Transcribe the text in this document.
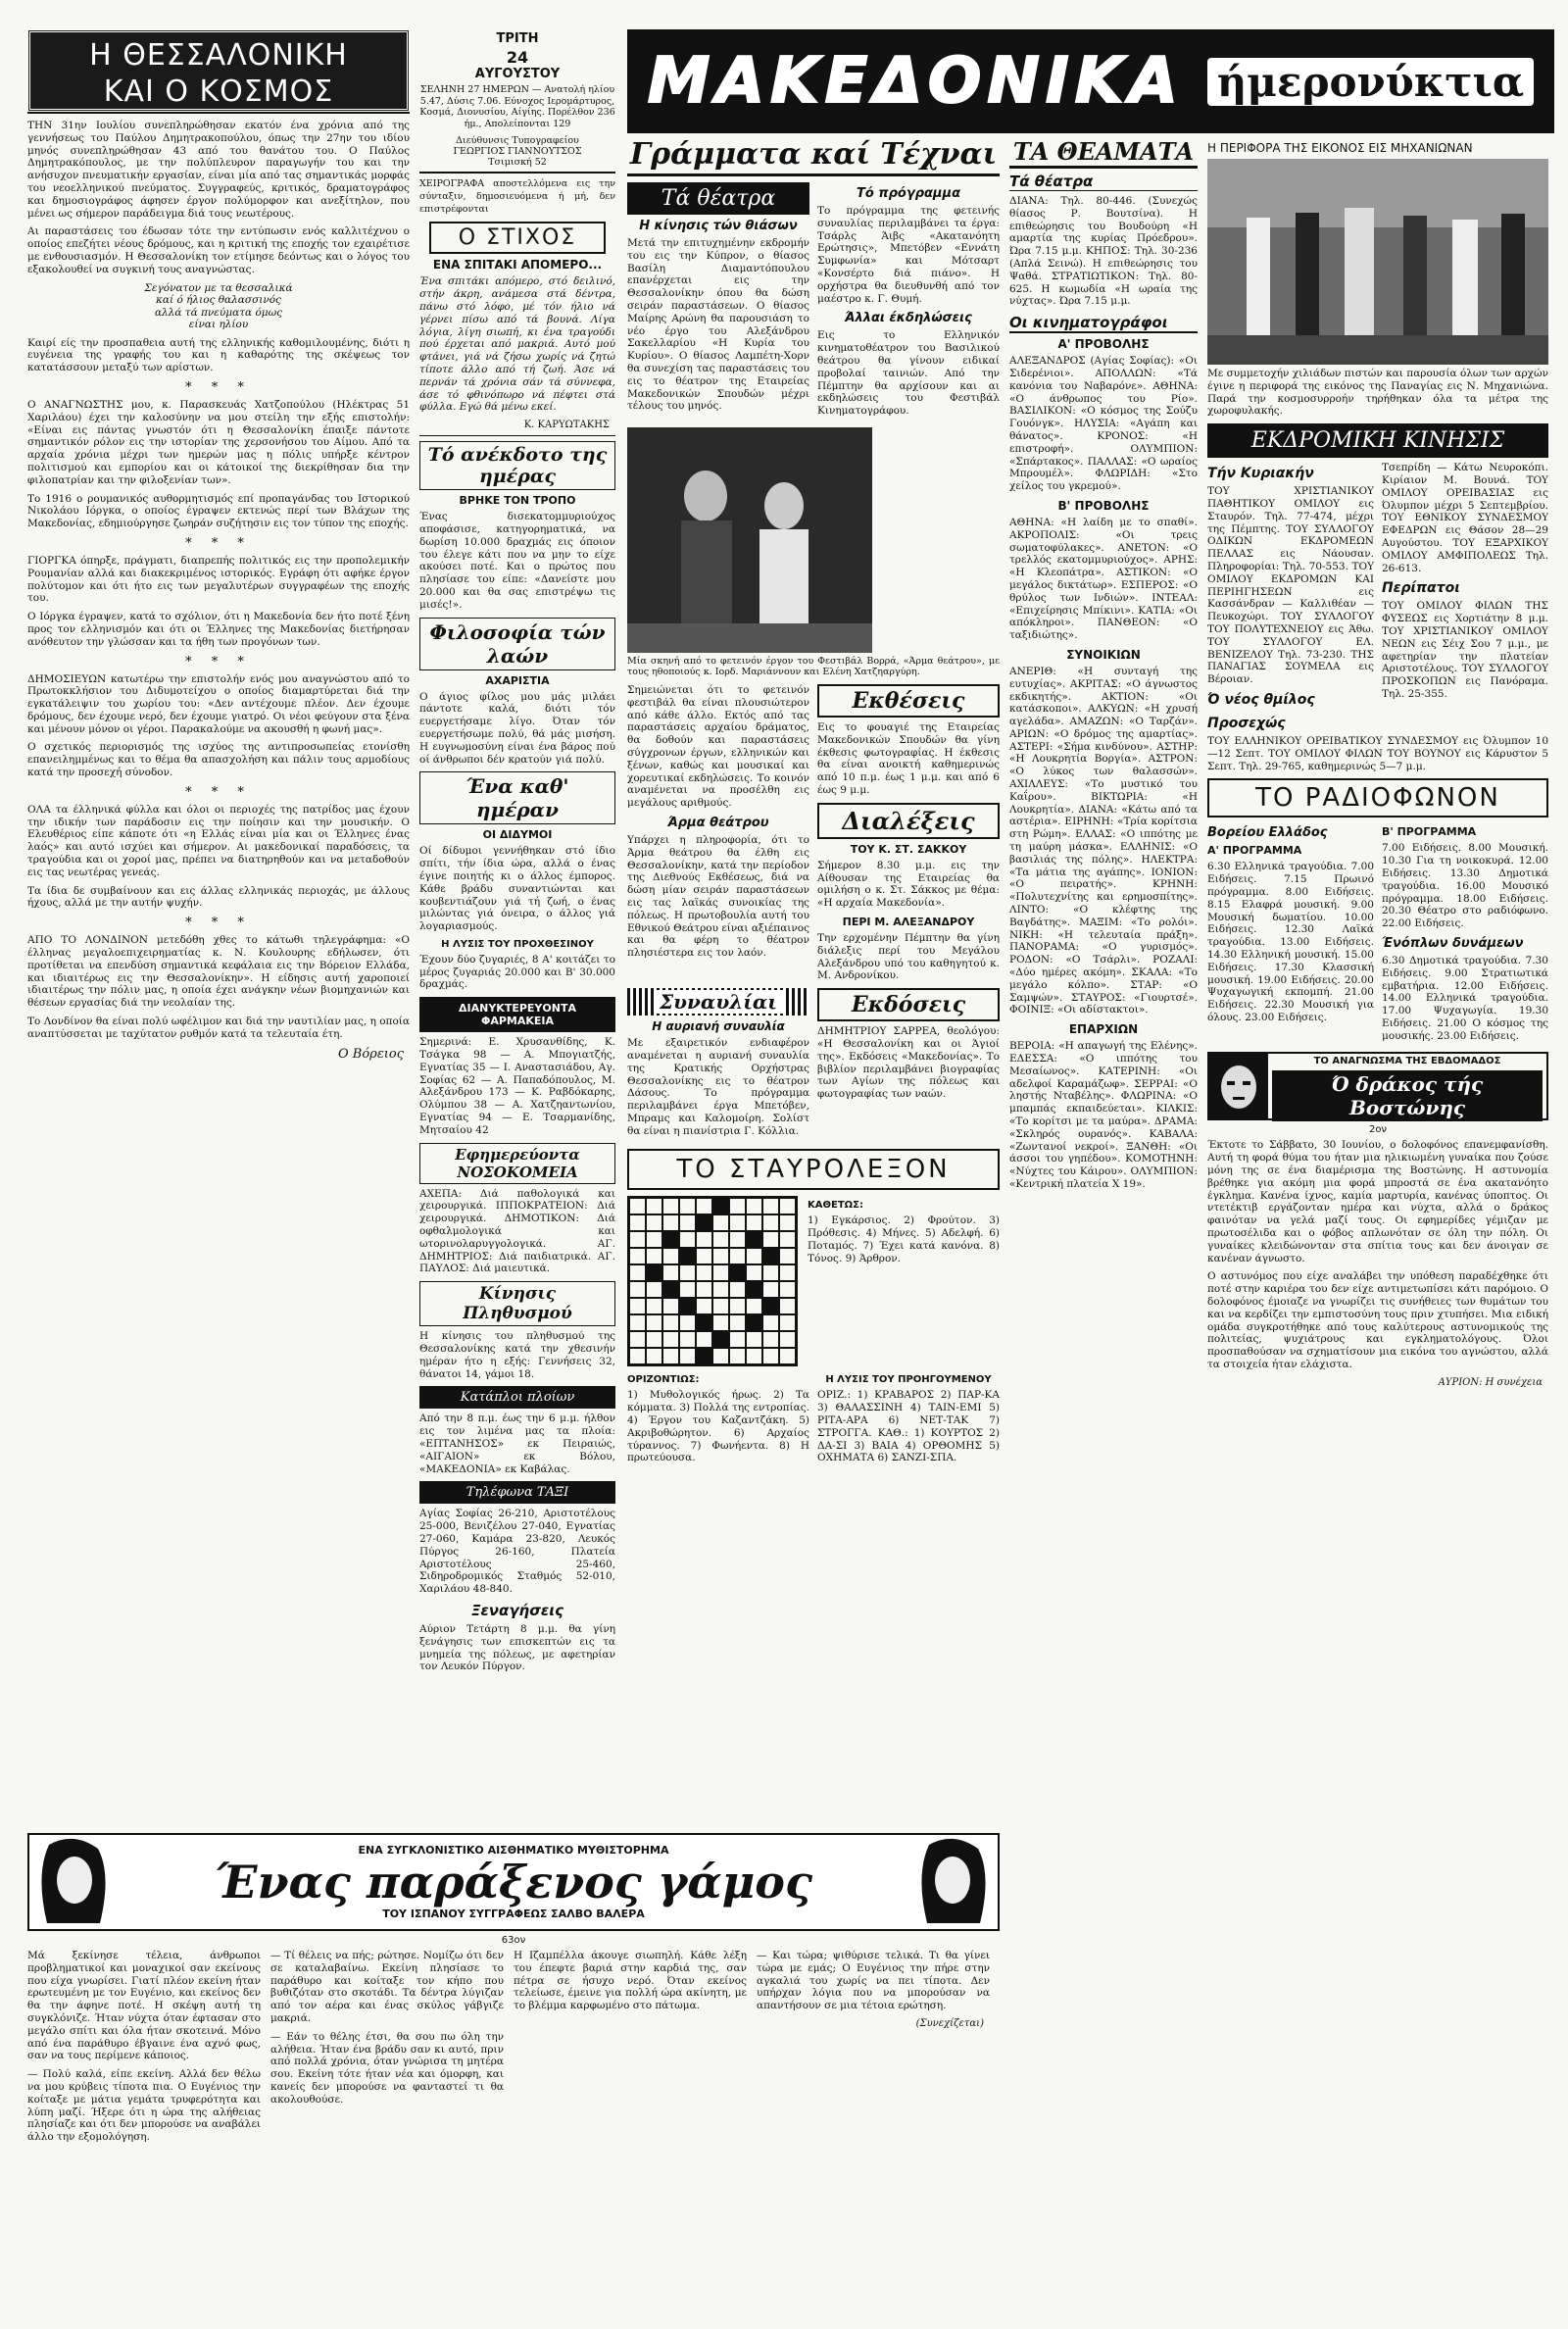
Η ΘΕΣΣΑΛΟΝΙΚΗ
ΚΑΙ Ο ΚΟΣΜΟΣ

ΤΗΝ 31ην Ιουλίου συνεπληρώθησαν εκατόν ένα χρόνια από της γεννήσεως του Παύλου Δημητρακοπούλου, όπως την 27ην του ιδίου μηνός συνεπληρώθησαν 43 από του θανάτου του. Ο Παύλος Δημητρακόπουλος, με την πολύπλευρον παραγωγήν του και την ανήσυχον πνευματικήν εργασίαν, είναι μία από τας σημαντικάς μορφάς του νεοελληνικού πνεύματος. Συγγραφεύς, κριτικός, δραματογράφος και δημοσιογράφος άφησεν έργον πολύμορφον και ανεξίτηλον, που μένει ως σήμερον παράδειγμα διά τους νεωτέρους.

Αι παραστάσεις του έδωσαν τότε την εντύπωσιν ενός καλλιτέχνου ο οποίος επεζήτει νέους δρόμους, και η κριτική της εποχής τον εχαιρέτισε με ενθουσιασμόν. Η Θεσσαλονίκη τον ετίμησε δεόντως και ο λόγος του εξακολουθεί να συγκινή τους αναγνώστας.

Σεγόνατον με τα θεσσαλικά
καί ό ήλιος θαλασσινός
αλλά τά πνεύματα όμως
είναι ηλίου

Καιρί είς την προσπαθεια αυτή της ελληνικής καθομιλουμένης, διότι η ευγένεια της γραφής του και η καθαρότης της σκέψεως τον κατατάσσουν μεταξύ των αρίστων.

* * *

Ο ΑΝΑΓΝΩΣΤΗΣ μου, κ. Παρασκευάς Χατζοπούλου (Ηλέκτρας 51 Χαριλάου) έχει την καλοσύνην να μου στείλη την εξής επιστολήν: «Είναι εις πάντας γνωστόν ότι η Θεσσαλονίκη έπαιξε πάντοτε σημαντικόν ρόλον εις την ιστορίαν της χερσονήσου του Αίμου. Από τα αρχαία χρόνια μέχρι των ημερών μας η πόλις υπήρξε κέντρον πολιτισμού και εμπορίου και οι κάτοικοί της διεκρίθησαν δια την φιλοπατρίαν και την φιλοξενίαν των».

Το 1916 ο ρουμανικός αυθορμητισμός επί προπαγάνδας του Ιστορικού Νικολάου Ιόργκα, ο οποίος έγραψεν εκτενώς περί των Βλάχων της Μακεδονίας, εδημιούργησε ζωηράν συζήτησιν εις τον τύπον της εποχής.

* * *

ΓΙΟΡΓΚΑ όπηρξε, πράγματι, διαπρεπής πολιτικός εις την προπολεμικήν Ρουμανίαν αλλά και διακεκριμένος ιστορικός. Εγράφη ότι αφήκε έργον πολύτομον και ότι ήτο εις των μεγαλυτέρων συγγραφέων της εποχής του.

Ο Ιόργκα έγραψεν, κατά το σχόλιον, ότι η Μακεδονία δεν ήτο ποτέ ξένη προς τον ελληνισμόν και ότι οι Έλληνες της Μακεδονίας διετήρησαν ανόθευτον την γλώσσαν και τα ήθη των προγόνων των.

* * *

ΔΗΜΟΣΙΕΥΩΝ κατωτέρω την επιστολήν ενός μου αναγνώστου από το Πρωτοκκλήσιον του Διδυμοτείχου ο οποίος διαμαρτύρεται διά την εγκατάλειψιν του χωρίου του: «Δεν αντέχουμε πλέον. Δεν έχουμε δρόμους, δεν έχουμε νερό, δεν έχουμε γιατρό. Οι νέοι φεύγουν στα ξένα και μένουν μόνον οι γέροι. Παρακαλούμε να ακουσθή η φωνή μας».

Ο σχετικός περιορισμός της ισχύος της αντιπροσωπείας ετονίσθη επανειλημμένως και το θέμα θα απασχολήση και πάλιν τους αρμοδίους κατά την προσεχή σύνοδον.

* * *

ΟΛΑ τα έλληνικά φύλλα και όλοι οι περιοχές της πατρίδος μας έχουν την ιδικήν των παράδοσιν εις την ποίησιν και την μουσικήν. Ο Ελευθέριος είπε κάποτε ότι «η Ελλάς είναι μία και οι Έλληνες ένας λαός» και αυτό ισχύει και σήμερον. Αι μακεδονικαί παραδόσεις, τα τραγούδια και οι χοροί μας, πρέπει να διατηρηθούν και να μεταδοθούν εις τας νεωτέρας γενεάς.

Τα ίδια δε συμβαίνουν και εις άλλας ελληνικάς περιοχάς, με άλλους ήχους, αλλά με την αυτήν ψυχήν.

* * *

ΑΠΟ ΤΟ ΛΟΝΔΙΝΟΝ μετεδόθη χθες το κάτωθι τηλεγράφημα: «Ο έλληνας μεγαλοεπιχειρηματίας κ. Ν. Κουλουρης εδήλωσεν, ότι προτίθεται να επενδύση σημαντικά κεφάλαια εις την Βόρειον Ελλάδα, και ιδιαιτέρως εις την Θεσσαλονίκην». Η είδησις αυτή χαροποιεί ιδιαιτέρως την πόλιν μας, η οποία έχει ανάγκην νέων βιομηχανιών και θέσεων εργασίας διά την νεολαίαν της.

Το Λονδίνον θα είναι πολύ ωφέλιμον και διά την ναυτιλίαν μας, η οποία αναπτύσσεται με ταχύτατον ρυθμόν κατά τα τελευταία έτη.

Ο Βόρειος
ΤΡΙΤΗ
24
ΑΥΓΟΥΣΤΟΥ
ΣΕΛΗΝΗ 27 ΗΜΕΡΩΝ — Ανατολή ηλίου 5.47, Δύσις 7.06. Εύνοχος Ιερομάρτυρος, Κοσμά, Διονυσίου, Αίγίης. Πορέλθον 236 ήμ., Απολείπονται 129
Διεύθυνσις Τυπογραφείου
ΓΕΩΡΓΙΟΣ ΓΙΑΝΝΟΥΤΣΟΣ
Τσιμισκή 52

ΧΕΙΡΟΓΡΑΦΑ αποστελλόμενα εις την σύνταξιν, δημοσιευόμενα ή μή, δεν επιστρέφονται

Ο ΣΤΙΧΟΣ
ΕΝΑ ΣΠΙΤΑΚΙ ΑΠΟΜΕΡΟ...

Ένα σπιτάκι απόμερο, στό δειλινό, στήν άκρη, ανάμεσα στά δέντρα, πάνω στό λόφο, μέ τόν ήλιο νά γέρνει πίσω από τά βουνά. Λίγα λόγια, λίγη σιωπή, κι ένα τραγούδι πού έρχεται από μακριά. Αυτό μού φτάνει, γιά νά ζήσω χωρίς νά ζητώ τίποτε άλλο από τή ζωή. Άσε νά περνάν τά χρόνια σάν τά σύννεφα, άσε τό φθινόπωρο νά πέφτει στά φύλλα. Εγώ θά μένω εκεί.

Κ. ΚΑΡΥΩΤΑΚΗΣ
Τό ανέκδοτο της ημέρας
ΒΡΗΚΕ ΤΟΝ ΤΡΟΠΟ

Ένας δισεκατομμυριούχος αποφάσισε, κατηγορηματικά, να δωρίση 10.000 δραχμάς εις όποιον του έλεγε κάτι που να μην το είχε ακούσει ποτέ. Και ο πρώτος που πλησίασε του είπε: «Δανείστε μου 20.000 και θα σας επιστρέψω τις μισές!».

Φιλοσοφία τών λαών
ΑΧΑΡΙΣΤΙΑ

Ο άγιος φίλος μου μάς μιλάει πάντοτε καλά, διότι τόν ευεργετήσαμε λίγο. Όταν τόν ευεργετήσωμε πολύ, θά μάς μισήση. Η ευγνωμοσύνη είναι ένα βάρος πού οί άνθρωποι δέν κρατούν γιά πολύ.

Ένα καθ' ημέραν
ΟΙ ΔΙΔΥΜΟΙ

Οί δίδυμοι γεννήθηκαν στό ίδιο σπίτι, τήν ίδια ώρα, αλλά ο ένας έγινε ποιητής κι ο άλλος έμπορος. Κάθε βράδυ συναντιώνται και κουβεντιάζουν γιά τή ζωή, ο ένας μιλώντας γιά όνειρα, ο άλλος γιά λογαριασμούς.

Η ΛΥΣΙΣ ΤΟΥ ΠΡΟΧΘΕΣΙΝΟΥ

Έχουν δύο ζυγαριές, 8 Α' κοιτάζει το μέρος ζυγαριάς 20.000 και Β' 30.000 δραχμάς.

ΔΙΑΝΥΚΤΕΡΕΥΟΝΤΑ ΦΑΡΜΑΚΕΙΑ

Σημερινά: Ε. Χρυσανθίδης, Κ. Τσάγκα 98 — Α. Μπογιατζής, Εγνατίας 35 — Ι. Αναστασιάδου, Αγ. Σοφίας 62 — Α. Παπαδόπουλος, Μ. Αλεξάνδρου 173 — Κ. Ραβδόκαρης, Ολύμπου 38 — Α. Χατζηαντωνίου, Εγνατίας 94 — Ε. Τσαρμανίδης, Μητσαίου 42

Εφημερεύοντα ΝΟΣΟΚΟΜΕΙΑ

ΑΧΕΠΑ: Διά παθολογικά και χειρουργικά. ΙΠΠΟΚΡΑΤΕΙΟΝ: Διά χειρουργικά. ΔΗΜΟΤΙΚΟΝ: Διά οφθαλμολογικά και ωτορινολαρυγγολογικά. ΑΓ. ΔΗΜΗΤΡΙΟΣ: Διά παιδιατρικά. ΑΓ. ΠΑΥΛΟΣ: Διά μαιευτικά.

Κίνησις Πληθυσμού

Η κίνησις του πληθυσμού της Θεσσαλονίκης κατά την χθεσινήν ημέραν ήτο η εξής: Γεννήσεις 32, θάνατοι 14, γάμοι 18.

Κατάπλοι πλοίων

Από την 8 π.μ. έως την 6 μ.μ. ήλθον εις τον λιμένα μας τα πλοία: «ΕΠΤΑΝΗΣΟΣ» εκ Πειραιώς, «ΑΙΓΑΙΟΝ» εκ Βόλου, «ΜΑΚΕΔΟΝΙΑ» εκ Καβάλας.

Τηλέφωνα ΤΑΞΙ

Αγίας Σοφίας 26-210, Αριστοτέλους 25-000, Βενιζέλου 27-040, Εγνατίας 27-060, Καμάρα 23-820, Λευκός Πύργος 26-160, Πλατεία Αριστοτέλους 25-460, Σιδηροδρομικός Σταθμός 52-010, Χαριλάου 48-840.

Ξεναγήσεις

Αύριον Τετάρτη 8 μ.μ. θα γίνη ξενάγησις των επισκεπτών εις τα μνημεία της πόλεως, με αφετηρίαν τον Λευκόν Πύργον.

ΜΑΚΕΔΟΝΙΚΑ ήμερονύκτια
Γράμματα καί Τέχναι
Τά θέατρα
Η κίνησις τών θιάσων

Μετά την επιτυχημένην εκδρομήν του εις την Κύπρον, ο θίασος Βασίλη Διαμαντόπουλου επανέρχεται εις την Θεσσαλονίκην όπου θα δώση σειράν παραστάσεων. Ο θίασος Μαίρης Αρώνη θα παρουσιάση το νέο έργο του Αλεξάνδρου Σακελλαρίου «Η Κυρία του Κυρίου». Ο θίασος Λαμπέτη-Χορν θα συνεχίση τας παραστάσεις του εις το θέατρον της Εταιρείας Μακεδονικών Σπουδών μέχρι τέλους του μηνός.

Τό πρόγραμμα

Το πρόγραμμα της φετεινής συναυλίας περιλαμβάνει τα έργα: Τσάρλς Άιβς «Ακατανόητη Ερώτησις», Μπετόβεν «Εννάτη Συμφωνία» και Μότσαρτ «Κονσέρτο διά πιάνο». Η ορχήστρα θα διευθυνθή από τον μαέστρο κ. Γ. Θυμή.

Άλλαι έκδηλώσεις

Εις το Ελληνικόν κινηματοθέατρον του Βασιλικού θεάτρου θα γίνουν ειδικαί προβολαί ταινιών. Από την Πέμπτην θα αρχίσουν και αι εκδηλώσεις του Φεστιβάλ Κινηματογράφου.

Μία σκηνή από το φετεινόν έργον του Φεστιβάλ Βορρά, «Άρμα θεάτρου», με τους ηθοποιούς κ. Ιορδ. Μαριάννουν και Ελένη Χατζηαργύρη.

Σημειώνεται ότι το φετεινόν φεστιβάλ θα είναι πλουσιώτερον από κάθε άλλο. Εκτός από τας παραστάσεις αρχαίου δράματος, θα δοθούν και παραστάσεις σύγχρονων έργων, ελληνικών και ξένων, καθώς και μουσικαί και χορευτικαί εκδηλώσεις. Το κοινόν αναμένεται να προσέλθη εις μεγάλους αριθμούς.

Άρμα θεάτρου

Υπάρχει η πληροφορία, ότι το Άρμα θεάτρου θα έλθη εις Θεσσαλονίκην, κατά την περίοδον της Διεθνούς Εκθέσεως, διά να δώση μίαν σειράν παραστάσεων εις τας λαϊκάς συνοικίας της πόλεως. Η πρωτοβουλία αυτή του Εθνικού Θεάτρου είναι αξιέπαινος και θα φέρη το θέατρον πλησιέστερα εις τον λαόν.

Εκθέσεις

Εις το φουαγιέ της Εταιρείας Μακεδονικών Σπουδών θα γίνη έκθεσις φωτογραφίας. Η έκθεσις θα είναι ανοικτή καθημερινώς από 10 π.μ. έως 1 μ.μ. και από 6 έως 9 μ.μ.

Διαλέξεις
ΤΟΥ Κ. ΣΤ. ΣΑΚΚΟΥ

Σήμερον 8.30 μ.μ. εις την Αίθουσαν της Εταιρείας θα ομιλήση ο κ. Στ. Σάκκος με θέμα: «Η αρχαία Μακεδονία».

ΠΕΡΙ Μ. ΑΛΕΞΑΝΔΡΟΥ

Την ερχομένην Πέμπτην θα γίνη διάλεξις περί του Μεγάλου Αλεξάνδρου υπό του καθηγητού κ. Μ. Ανδρονίκου.

Συναυλίαι
Η αυριανή συναυλία

Με εξαιρετικόν ενδιαφέρον αναμένεται η αυριανή συναυλία της Κρατικής Ορχήστρας Θεσσαλονίκης εις το θέατρον Δάσους. Το πρόγραμμα περιλαμβάνει έργα Μπετόβεν, Μπραμς και Καλομοίρη. Σολίστ θα είναι η πιανίστρια Γ. Κόλλια.

Εκδόσεις

ΔΗΜΗΤΡΙΟΥ ΣΑΡΡΕΑ, θεολόγου: «Η Θεσσαλονίκη και οι Άγιοί της». Εκδόσεις «Μακεδονίας». Το βιβλίον περιλαμβάνει βιογραφίας των Αγίων της πόλεως και φωτογραφίας των ναών.

ΤΟ ΣΤΑΥΡΟΛΕΞΟΝ
ΚΑΘΕΤΩΣ:

1) Εγκάρσιος. 2) Φρούτον. 3) Πρόθεσις. 4) Μήνες. 5) Αδελφή. 6) Ποταμός. 7) Έχει κατά κανόνα. 8) Τόνος. 9) Άρθρον.

ΟΡΙΖΟΝΤΙΩΣ:

1) Μυθολογικός ήρως. 2) Τα κόμματα. 3) Πολλά της εντροπίας. 4) Έργον του Καζαντζάκη. 5) Ακριβοθώρητον. 6) Αρχαίος τύραννος. 7) Φωνήεντα. 8) Η πρωτεύουσα.

Η ΛΥΣΙΣ ΤΟΥ ΠΡΟΗΓΟΥΜΕΝΟΥ

ΟΡΙΖ.: 1) ΚΡΑΒΑΡΟΣ 2) ΠΑΡ-ΚΑ 3) ΘΑΛΑΣΣΙΝΗ 4) ΤΑΙΝ-ΕΜΙ 5) ΡΙΤΑ-ΑΡΑ 6) ΝΕΤ-ΤΑΚ 7) ΣΤΡΟΓΓΑ. ΚΑΘ.: 1) ΚΟΥΡΤΟΣ 2) ΔΑ-ΣΙ 3) ΒΑΙΑ 4) ΟΡΘΟΜΗΣ 5) ΟΧΗΜΑΤΑ 6) ΣΑΝΖΙ-ΣΠΑ.

ΤΑ ΘΕΑΜΑΤΑ
Τά θέατρα

ΔΙΑΝΑ: Τηλ. 80-446. (Συνεχώς θίασος Ρ. Βουτσίνα). Η επιθεώρησις του Βουδούρη «Η αμαρτία της κυρίας Πρόεδρου». Ώρα 7.15 μ.μ. ΚΗΠΟΣ: Τηλ. 30-236 (Απλά Σεινώ). Η επιθεώρησις του Ψαθά. ΣΤΡΑΤΙΩΤΙΚΟΝ: Τηλ. 80-625. Η κωμωδία «Η ωραία της νύχτας». Ώρα 7.15 μ.μ.

Οι κινηματογράφοι
Α' ΠΡΟΒΟΛΗΣ

ΑΛΕΞΑΝΔΡΟΣ (Αγίας Σοφίας): «Οι Σιδερένιοι». ΑΠΟΛΛΩΝ: «Τά κανόνια του Ναβαρόνε». ΑΘΗΝΑ: «Ο άνθρωπος του Ρίο». ΒΑΣΙΛΙΚΟΝ: «Ο κόσμος της Σούζυ Γουόνγκ». ΗΛΥΣΙΑ: «Αγάπη και θάνατος». ΚΡΟΝΟΣ: «Η επιστροφή». ΟΛΥΜΠΙΟΝ: «Σπάρτακος». ΠΑΛΛΑΣ: «Ο ωραίος Μπρουμέλ». ΦΛΩΡΙΔΗ: «Στο χείλος του γκρεμού».

Β' ΠΡΟΒΟΛΗΣ

ΑΘΗΝΑ: «Η λαίδη με το σπαθί». ΑΚΡΟΠΟΛΙΣ: «Οι τρεις σωματοφύλακες». ΑΝΕΤΟΝ: «Ο τρελλός εκατομμυριούχος». ΑΡΗΣ: «Η Κλεοπάτρα». ΑΣΤΙΚΟΝ: «Ο μεγάλος δικτάτωρ». ΕΣΠΕΡΟΣ: «Ο θρύλος των Ινδιών». ΙΝΤΕΑΛ: «Επιχείρησις Μπίκινι». ΚΑΤΙΑ: «Οι απόκληροι». ΠΑΝΘΕΟΝ: «Ο ταξιδιώτης».

ΣΥΝΟΙΚΙΩΝ

ΑΝΕΡΙΘ: «Η συνταγή της ευτυχίας». ΑΚΡΙΤΑΣ: «Ο άγνωστος εκδικητής». ΑΚΤΙΟΝ: «Οι κατάσκοποι». ΑΛΚΥΩΝ: «Η χρυσή αγελάδα». ΑΜΑΖΩΝ: «Ο Ταρζάν». ΑΡΙΩΝ: «Ο δρόμος της αμαρτίας». ΑΣΤΕΡΙ: «Σήμα κινδύνου». ΑΣΤΗΡ: «Η Λουκρητία Βοργία». ΑΣΤΡΟΝ: «Ο λύκος των θαλασσών». ΑΧΙΛΛΕΥΣ: «Το μυστικό του Καΐρου». ΒΙΚΤΩΡΙΑ: «Η Λουκρητία». ΔΙΑΝΑ: «Κάτω από τα αστέρια». ΕΙΡΗΝΗ: «Τρία κορίτσια στη Ρώμη». ΕΛΛΑΣ: «Ο ιππότης με τη μαύρη μάσκα». ΕΛΛΗΝΙΣ: «Ο βασιλιάς της πόλης». ΗΛΕΚΤΡΑ: «Τα μάτια της αγάπης». ΙΟΝΙΟΝ: «Ο πειρατής». ΚΡΗΝΗ: «Πολυτεχνίτης και ερημοσπίτης». ΛΙΝΤΟ: «Ο κλέφτης της Βαγδάτης». ΜΑΞΙΜ: «Το ρολόι». ΝΙΚΗ: «Η τελευταία πράξη». ΠΑΝΟΡΑΜΑ: «Ο γυρισμός». ΡΟΔΟΝ: «Ο Τσάρλι». ΡΟΖΑΛΙ: «Δύο ημέρες ακόμη». ΣΚΑΛΑ: «Το μεγάλο κόλπο». ΣΤΑΡ: «Ο Σαμψών». ΣΤΑΥΡΟΣ: «Γιουρτσέ». ΦΟΙΝΙΞ: «Οι αδίστακτοι».

ΕΠΑΡΧΙΩΝ

ΒΕΡΟΙΑ: «Η απαγωγή της Ελένης». ΕΔΕΣΣΑ: «Ο ιππότης του Μεσαίωνος». ΚΑΤΕΡΙΝΗ: «Οι αδελφοί Καραμάζωφ». ΣΕΡΡΑΙ: «Ο ληστής Νταβέλης». ΦΛΩΡΙΝΑ: «Ο μπαμπάς εκπαιδεύεται». ΚΙΛΚΙΣ: «Το κορίτσι με τα μαύρα». ΔΡΑΜΑ: «Σκληρός ουρανός». ΚΑΒΑΛΑ: «Ζωντανοί νεκροί». ΞΑΝΘΗ: «Οι άσσοι του γηπέδου». ΚΟΜΟΤΗΝΗ: «Νύχτες του Κάιρου». ΟΛΥΜΠΙΟΝ: «Κεντρική πλατεία Χ 19».

Η ΠΕΡΙΦΟΡΑ ΤΗΣ ΕΙΚΟΝΟΣ ΕΙΣ ΜΗΧΑΝΙΩΝΑΝ

Με συμμετοχήν χιλιάδων πιστών και παρουσία όλων των αρχών έγινε η περιφορά της εικόνος της Παναγίας εις Ν. Μηχανιώνα. Παρά την κοσμοσυρροήν τηρήθηκαν όλα τα μέτρα της χωροφυλακής.

ΕΚΔΡΟΜΙΚΗ ΚΙΝΗΣΙΣ
Τήν Κυριακήν

ΤΟΥ ΧΡΙΣΤΙΑΝΙΚΟΥ ΠΑΘΗΤΙΚΟΥ ΟΜΙΛΟΥ εις Σταυρόν. Τηλ. 77-474, μέχρι της Πέμπτης. ΤΟΥ ΣΥΛΛΟΓΟΥ ΟΔΙΚΩΝ ΕΚΔΡΟΜΕΩΝ ΠΕΛΛΑΣ εις Νάουσαν. Πληροφορίαι: Τηλ. 70-553. ΤΟΥ ΟΜΙΛΟΥ ΕΚΔΡΟΜΩΝ ΚΑΙ ΠΕΡΙΗΓΗΣΕΩΝ εις Κασσάνδραν — Καλλιθέαν — Πευκοχώρι. ΤΟΥ ΣΥΛΛΟΓΟΥ ΤΟΥ ΠΟΛΥΤΕΧΝΕΙΟΥ εις Άθω. ΤΟΥ ΣΥΛΛΟΓΟΥ ΕΛ. ΒΕΝΙΖΕΛΟΥ Τηλ. 73-230. ΤΗΣ ΠΑΝΑΓΙΑΣ ΣΟΥΜΕΛΑ εις Βέροιαν.

Ό νέος θμίλος

Τσεπρίδη — Κάτω Νευροκόπι. Κιρίαιον Μ. Βουνά. ΤΟΥ ΟΜΙΛΟΥ ΟΡΕΙΒΑΣΙΑΣ εις Όλυμπον μέχρι 5 Σεπτεμβρίου. ΤΟΥ ΕΘΝΙΚΟΥ ΣΥΝΔΕΣΜΟΥ ΕΦΕΔΡΩΝ εις Θάσον 28—29 Αυγούστου. ΤΟΥ ΕΞΑΡΧΙΚΟΥ ΟΜΙΛΟΥ ΑΜΦΙΠΟΛΕΩΣ Τηλ. 26-613.

Περίπατοι

ΤΟΥ ΟΜΙΛΟΥ ΦΙΛΩΝ ΤΗΣ ΦΥΣΕΩΣ εις Χορτιάτην 8 μ.μ. ΤΟΥ ΧΡΙΣΤΙΑΝΙΚΟΥ ΟΜΙΛΟΥ ΝΕΩΝ εις Σέιχ Σου 7 μ.μ., με αφετηρίαν την πλατείαν Αριστοτέλους. ΤΟΥ ΣΥΛΛΟΓΟΥ ΠΡΟΣΚΟΠΩΝ εις Πανόραμα. Τηλ. 25-355.

Προσεχώς

ΤΟΥ ΕΛΛΗΝΙΚΟΥ ΟΡΕΙΒΑΤΙΚΟΥ ΣΥΝΔΕΣΜΟΥ εις Όλυμπον 10—12 Σεπτ. ΤΟΥ ΟΜΙΛΟΥ ΦΙΛΩΝ ΤΟΥ ΒΟΥΝΟΥ εις Κάρυστον 5 Σεπτ. Τηλ. 29-765, καθημερινώς 5—7 μ.μ.

ΤΟ ΡΑΔΙΟΦΩΝΟΝ
Βορείου Ελλάδος
Α' ΠΡΟΓΡΑΜΜΑ

6.30 Ελληνικά τραγούδια. 7.00 Ειδήσεις. 7.15 Πρωινό πρόγραμμα. 8.00 Ειδήσεις. 8.15 Ελαφρά μουσική. 9.00 Μουσική δωματίου. 10.00 Ειδήσεις. 12.30 Λαϊκά τραγούδια. 13.00 Ειδήσεις. 14.30 Ελληνική μουσική. 15.00 Ειδήσεις. 17.30 Κλασσική μουσική. 19.00 Ειδήσεις. 20.00 Ψυχαγωγική εκπομπή. 21.00 Ειδήσεις. 22.30 Μουσική για όλους. 23.00 Ειδήσεις.

Β' ΠΡΟΓΡΑΜΜΑ

7.00 Ειδήσεις. 8.00 Μουσική. 10.30 Για τη νοικοκυρά. 12.00 Ειδήσεις. 13.30 Δημοτικά τραγούδια. 16.00 Μουσικό πρόγραμμα. 18.00 Ειδήσεις. 20.30 Θέατρο στο ραδιόφωνο. 22.00 Ειδήσεις.

Ένόπλων δυνάμεων

6.30 Δημοτικά τραγούδια. 7.30 Ειδήσεις. 9.00 Στρατιωτικά εμβατήρια. 12.00 Ειδήσεις. 14.00 Ελληνικά τραγούδια. 17.00 Ψυχαγωγία. 19.30 Ειδήσεις. 21.00 Ο κόσμος της μουσικής. 23.00 Ειδήσεις.

ΤΟ ΑΝΑΓΝΩΣΜΑ ΤΗΣ ΕΒΔΟΜΑΔΟΣ
Ό δράκος τής Βοστώνης
2ον

Έκτοτε το Σάββατο, 30 Ιουνίου, ο δολοφόνος επανεμφανίσθη. Αυτή τη φορά θύμα του ήταν μια ηλικιωμένη γυναίκα που ζούσε μόνη της σε ένα διαμέρισμα της Βοστώνης. Η αστυνομία βρέθηκε για ακόμη μια φορά μπροστά σε ένα ακατανόητο έγκλημα. Κανένα ίχνος, καμία μαρτυρία, κανένας ύποπτος. Οι ντετέκτιβ εργάζονταν ημέρα και νύχτα, αλλά ο δράκος φαινόταν να γελά μαζί τους. Οι εφημερίδες γέμιζαν με πρωτοσέλιδα και ο φόβος απλωνόταν σε όλη την πόλη. Οι γυναίκες κλειδώνονταν στα σπίτια τους και δεν άνοιγαν σε κανέναν άγνωστο.

Ο αστυνόμος που είχε αναλάβει την υπόθεση παραδέχθηκε ότι ποτέ στην καριέρα του δεν είχε αντιμετωπίσει κάτι παρόμοιο. Ο δολοφόνος έμοιαζε να γνωρίζει τις συνήθειες των θυμάτων του και να κερδίζει την εμπιστοσύνη τους πριν χτυπήσει. Μια ειδική ομάδα συγκροτήθηκε από τους καλύτερους αστυνομικούς της πολιτείας, ψυχιάτρους και εγκληματολόγους. Όλοι προσπαθούσαν να σχηματίσουν μια εικόνα του αγνώστου, αλλά τα στοιχεία ήταν ελάχιστα.

ΑΥΡΙΟΝ: Η συνέχεια
ΕΝΑ ΣΥΓΚΛΟΝΙΣΤΙΚΟ ΑΙΣΘΗΜΑΤΙΚΟ ΜΥΘΙΣΤΟΡΗΜΑ
Ένας παράξενος γάμος
ΤΟΥ ΙΣΠΑΝΟΥ ΣΥΓΓΡΑΦΕΩΣ ΣΑΛΒΟ ΒΑΛΕΡΑ
63ον

Μά ξεκίνησε τέλεια, άνθρωποι προβληματικοί και μοναχικοί σαν εκείνους που είχα γνωρίσει. Γιατί πλέον εκείνη ήταν ερωτευμένη με τον Ευγένιο, και εκείνος δεν θα την άφηνε ποτέ. Η σκέψη αυτή τη συγκλόνιζε. Ήταν νύχτα όταν έφτασαν στο μεγάλο σπίτι και όλα ήταν σκοτεινά. Μόνο από ένα παράθυρο έβγαινε ένα αχνό φως, σαν να τους περίμενε κάποιος.

— Πολύ καλά, είπε εκείνη. Αλλά δεν θέλω να μου κρύβεις τίποτα πια. Ο Ευγένιος την κοίταξε με μάτια γεμάτα τρυφερότητα και λύπη μαζί. Ήξερε ότι η ώρα της αλήθειας πλησίαζε και ότι δεν μπορούσε να αναβάλει άλλο την εξομολόγηση.

— Τί θέλεις να πής; ρώτησε. Νομίζω ότι δεν σε καταλαβαίνω. Εκείνη πλησίασε το παράθυρο και κοίταξε τον κήπο που βυθιζόταν στο σκοτάδι. Τα δέντρα λύγιζαν από τον αέρα και ένας σκύλος γάβγιζε μακριά.

— Εάν το θέλης έτσι, θα σου πω όλη την αλήθεια. Ήταν ένα βράδυ σαν κι αυτό, πριν από πολλά χρόνια, όταν γνώρισα τη μητέρα σου. Εκείνη τότε ήταν νέα και όμορφη, και κανείς δεν μπορούσε να φανταστεί τι θα ακολουθούσε.

Η Ιζαμπέλλα άκουγε σιωπηλή. Κάθε λέξη του έπεφτε βαριά στην καρδιά της, σαν πέτρα σε ήσυχο νερό. Όταν εκείνος τελείωσε, έμεινε για πολλή ώρα ακίνητη, με το βλέμμα καρφωμένο στο πάτωμα.

— Και τώρα; ψιθύρισε τελικά. Τι θα γίνει τώρα με εμάς; Ο Ευγένιος την πήρε στην αγκαλιά του χωρίς να πει τίποτα. Δεν υπήρχαν λόγια που να μπορούσαν να απαντήσουν σε μια τέτοια ερώτηση.

(Συνεχίζεται)
